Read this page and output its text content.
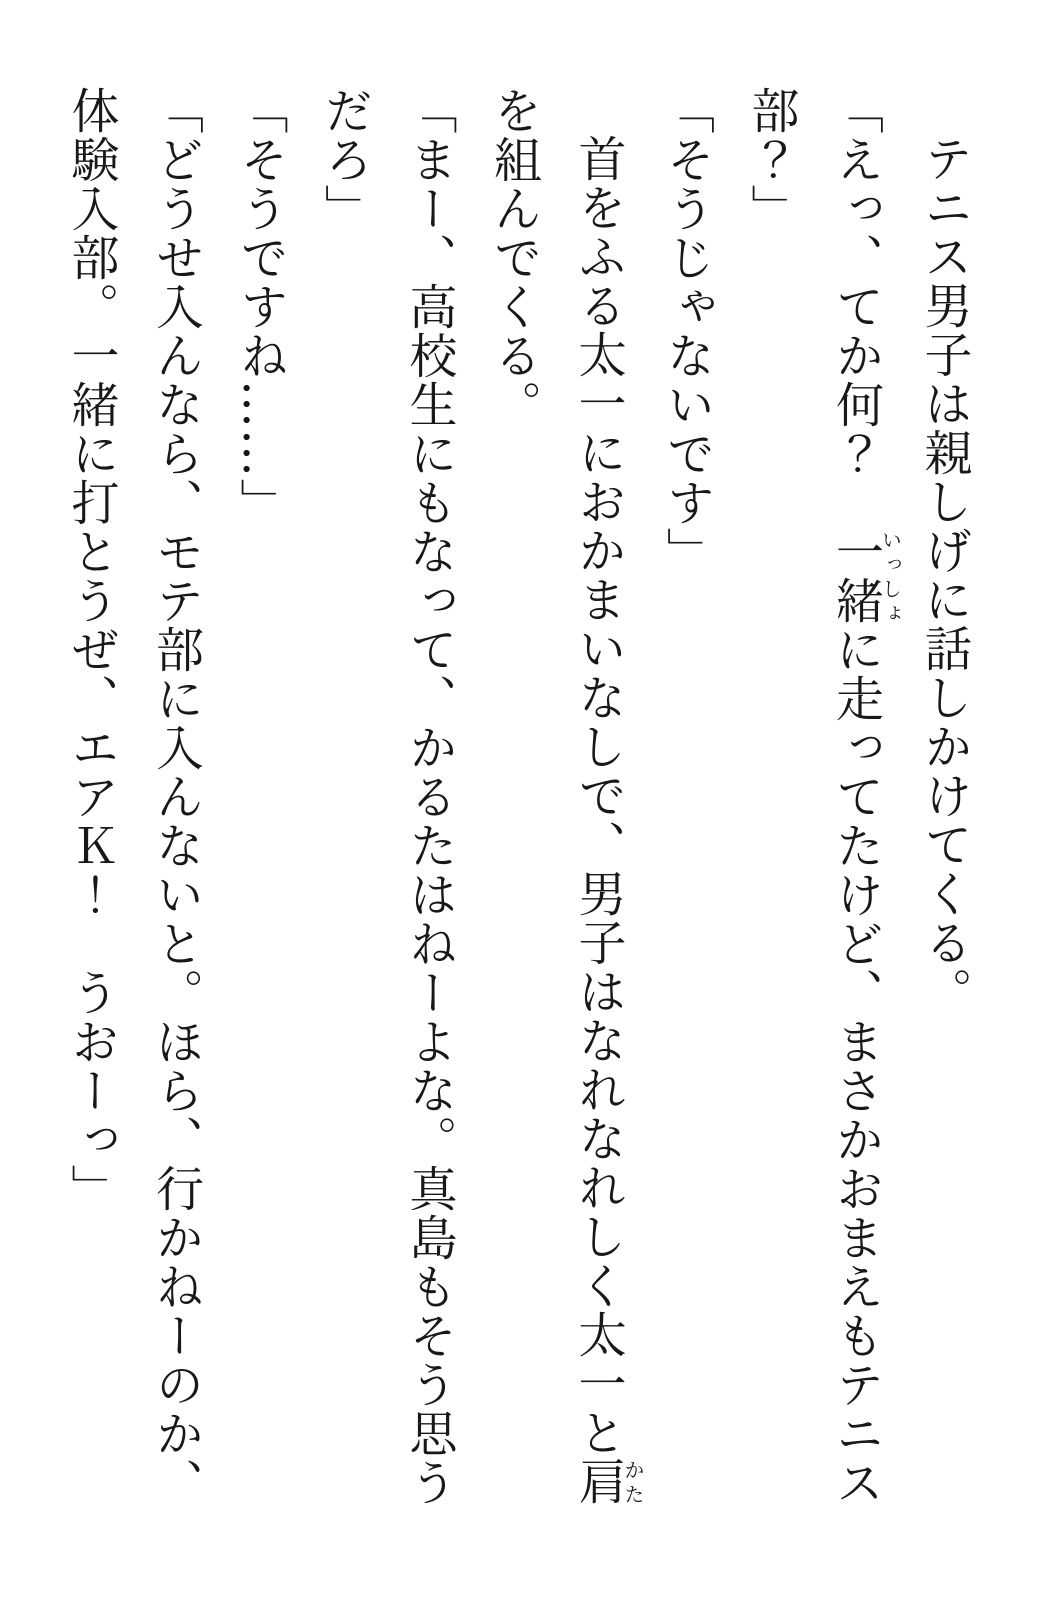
テニス男子は親しげに話しかけてくる。

「えっ、てか何？　一緒いっしょに走ってたけど、まさかおまえもテニス

部？」

「そうじゃないです」

首をふる太一におかまいなしで、男子はなれなれしく太一と肩かた

を組んでくる。

「まー、高校生にもなって、かるたはねーよな。真島もそう思う

だろ」

「そうですね……」

「どうせ入んなら、モテ部に入んないと。ほら、行かねーのか、

体験入部。一緒に打とうぜ、エアＫ！　うおーっ」
